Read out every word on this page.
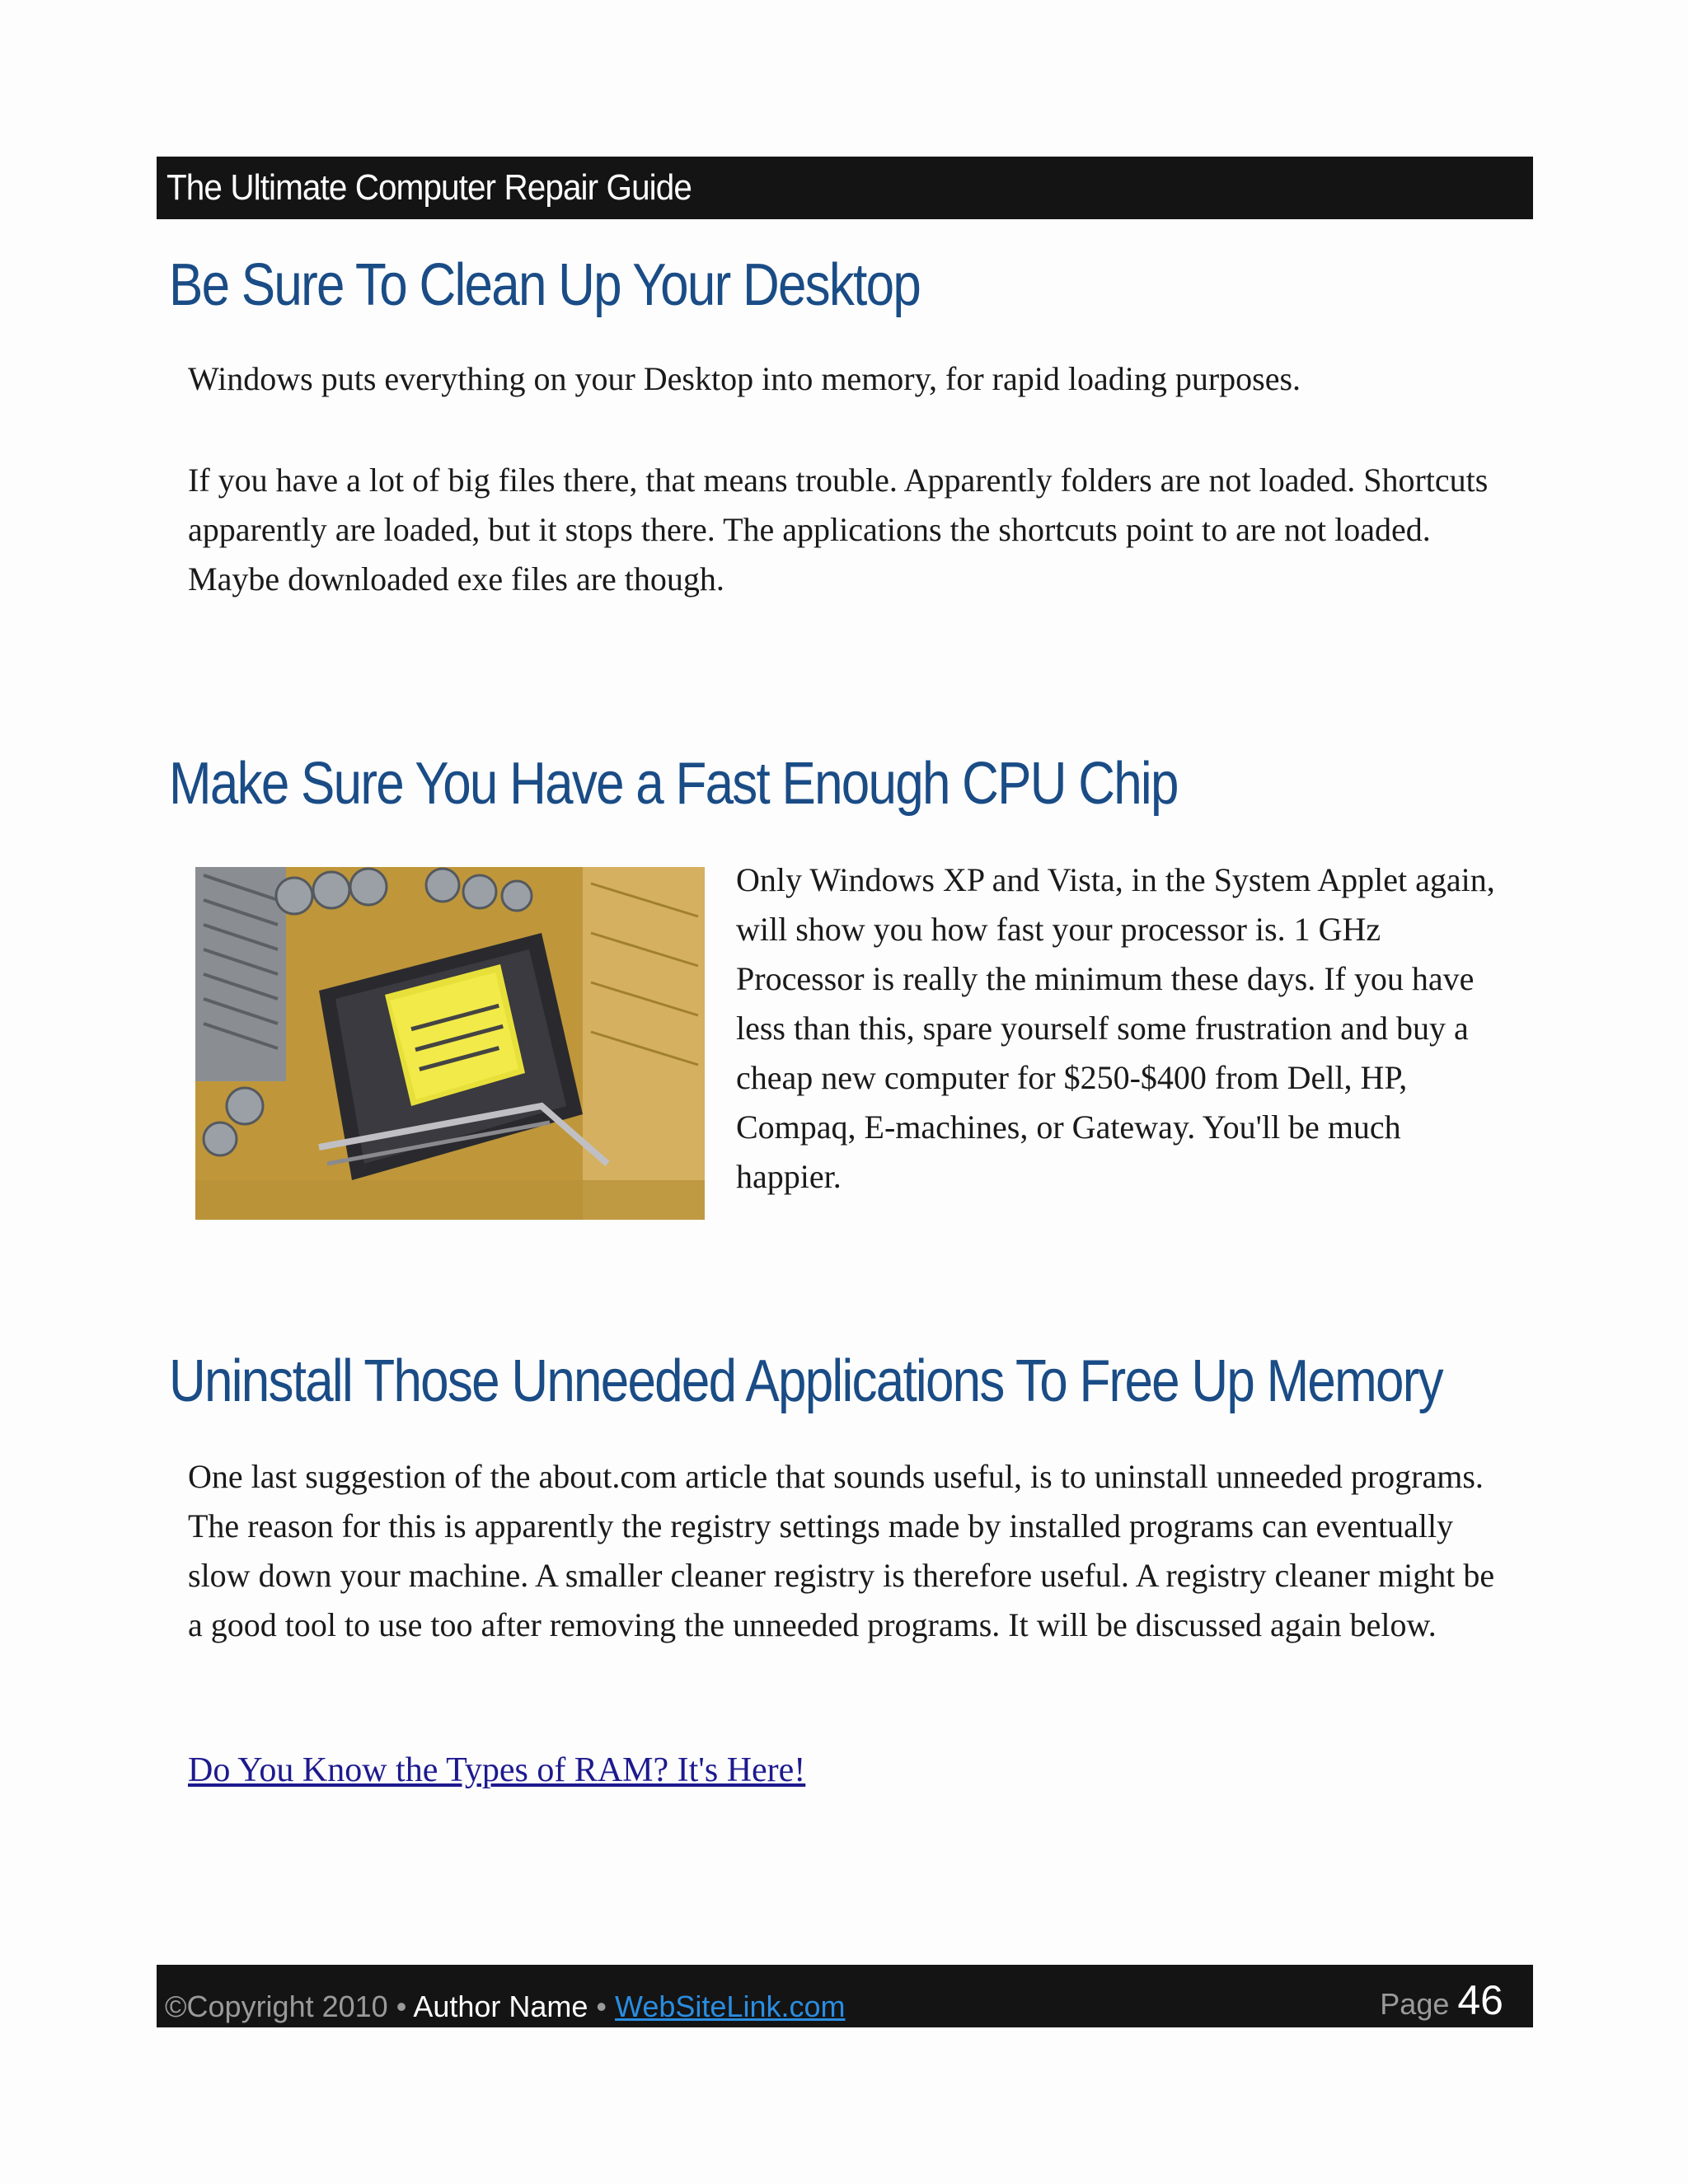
The Ultimate Computer Repair Guide
Be Sure To Clean Up Your Desktop

Windows puts everything on your Desktop into memory, for rapid loading purposes.

If you have a lot of big files there, that means trouble. Apparently folders are not loaded. Shortcuts apparently are loaded, but it stops there. The applications the shortcuts point to are not loaded. Maybe downloaded exe files are though.

Make Sure You Have a Fast Enough CPU Chip

Only Windows XP and Vista, in the System Applet again, will show you how fast your processor is. 1 GHz Processor is really the minimum these days. If you have less than this, spare yourself some frustration and buy a cheap new computer for $250-$400 from Dell, HP, Compaq, E-machines, or Gateway. You'll be much happier.

Uninstall Those Unneeded Applications To Free Up Memory

One last suggestion of the about.com article that sounds useful, is to uninstall unneeded programs. The reason for this is apparently the registry settings made by installed programs can eventually slow down your machine. A smaller cleaner registry is therefore useful. A registry cleaner might be a good tool to use too after removing the unneeded programs. It will be discussed again below.

Do You Know the Types of RAM? It's Here!
©Copyright 2010 • Author Name • WebSiteLink.com	Page 46
